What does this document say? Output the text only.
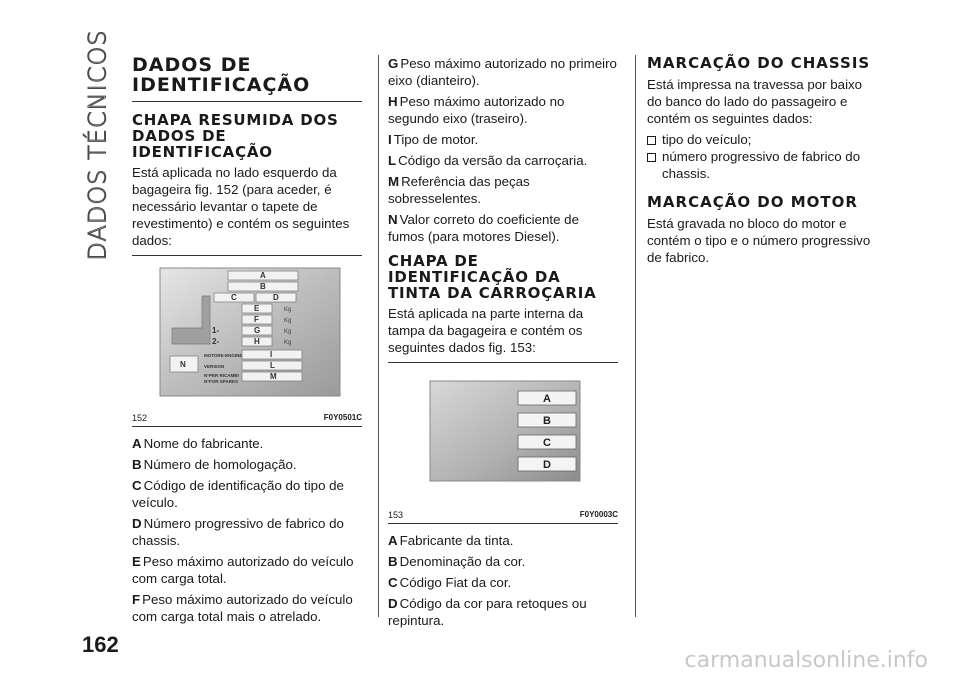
DADOS TÉCNICOS DADOS DE IDENTIFICAÇÃO
CHAPA RESUMIDA DOS DADOS DE IDENTIFICAÇÃO

Está aplicada no lado esquerdo da bagageira fig. 152 (para aceder, é necessário levantar o tapete de revestimento) e contém os seguintes dados:

A
B
C	D
E
F
G
H
I
L
M
N
1-
2-
Kg
Kg
Kg
Kg
MOTORE-ENGINE
VERSION
N°PER RICAMBI
N°FOR SPARES
152	F0Y0501C

A Nome do fabricante.

B Número de homologação.

C Código de identificação do tipo de veículo.

D Número progressivo de fabrico do chassis.

E Peso máximo autorizado do veículo com carga total.

F Peso máximo autorizado do veículo com carga total mais o atrelado.

G Peso máximo autorizado no primeiro eixo (dianteiro).

H Peso máximo autorizado no segundo eixo (traseiro).

I Tipo de motor.

L Código da versão da carroçaria.

M Referência das peças sobresselentes.

N Valor correto do coeficiente de fumos (para motores Diesel).

CHAPA DE IDENTIFICAÇÃO DA TINTA DA CARROÇARIA

Está aplicada na parte interna da tampa da bagageira e contém os seguintes dados fig. 153:

A
B
C
D
153	F0Y0003C

A Fabricante da tinta.

B Denominação da cor.

C Código Fiat da cor.

D Código da cor para retoques ou repintura.

MARCAÇÃO DO CHASSIS

Está impressa na travessa por baixo do banco do lado do passageiro e contém os seguintes dados:

tipo do veículo;

número progressivo de fabrico do chassis.

MARCAÇÃO DO MOTOR

Está gravada no bloco do motor e contém o tipo e o número progressivo de fabrico.

162
carmanualsonline.info
